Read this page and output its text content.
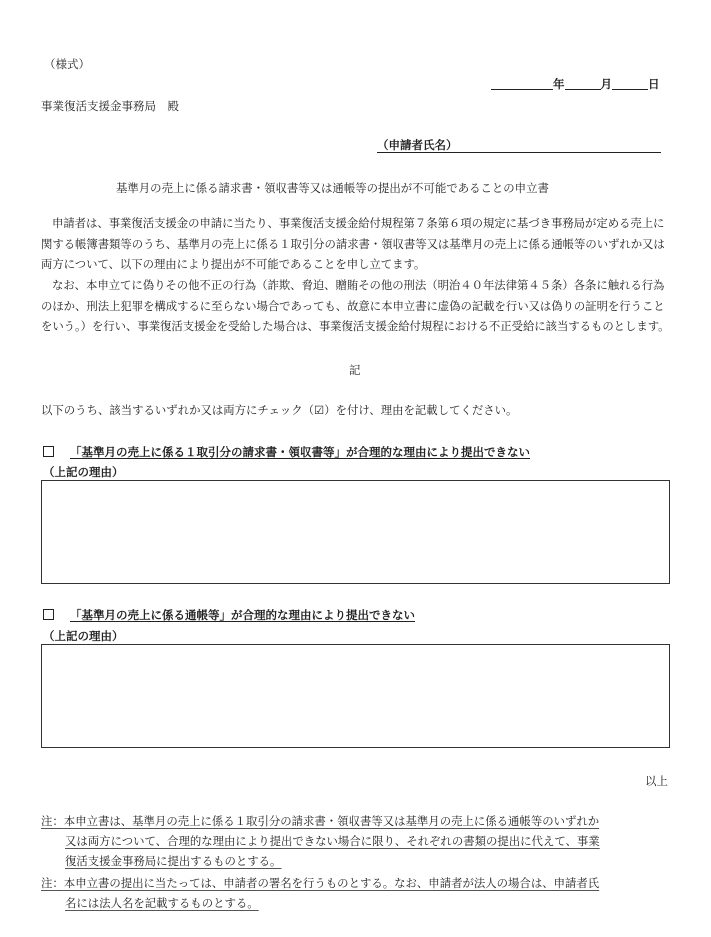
（様式）
年	月	日
事業復活支援金事務局　殿
（申請者氏名）
基準月の売上に係る請求書・領収書等又は通帳等の提出が不可能であることの申立書
申請者は、事業復活支援金の申請に当たり、事業復活支援金給付規程第７条第６項の規定に基づき事務局が定める売上に関する帳簿書類等のうち、基準月の売上に係る１取引分の請求書・領収書等又は基準月の売上に係る通帳等のいずれか又は両方について、以下の理由により提出が不可能であることを申し立てます。
なお、本申立てに偽りその他不正の行為（詐欺、脅迫、贈賄その他の刑法（明治４０年法律第４５条）各条に触れる行為のほか、刑法上犯罪を構成するに至らない場合であっても、故意に本申立書に虚偽の記載を行い又は偽りの証明を行うことをいう。）を行い、事業復活支援金を受給した場合は、事業復活支援金給付規程における不正受給に該当するものとします。
記
以下のうち、該当するいずれか又は両方にチェック（☑）を付け、理由を記載してください。
「基準月の売上に係る１取引分の請求書・領収書等」が合理的な理由により提出できない
（上記の理由）
「基準月の売上に係る通帳等」が合理的な理由により提出できない
（上記の理由）
以上
注：本申立書は、基準月の売上に係る１取引分の請求書・領収書等又は基準月の売上に係る通帳等のいずれか
又は両方について、合理的な理由により提出できない場合に限り、それぞれの書類の提出に代えて、事業
復活支援金事務局に提出するものとする。
注：本申立書の提出に当たっては、申請者の署名を行うものとする。なお、申請者が法人の場合は、申請者氏
名には法人名を記載するものとする。
